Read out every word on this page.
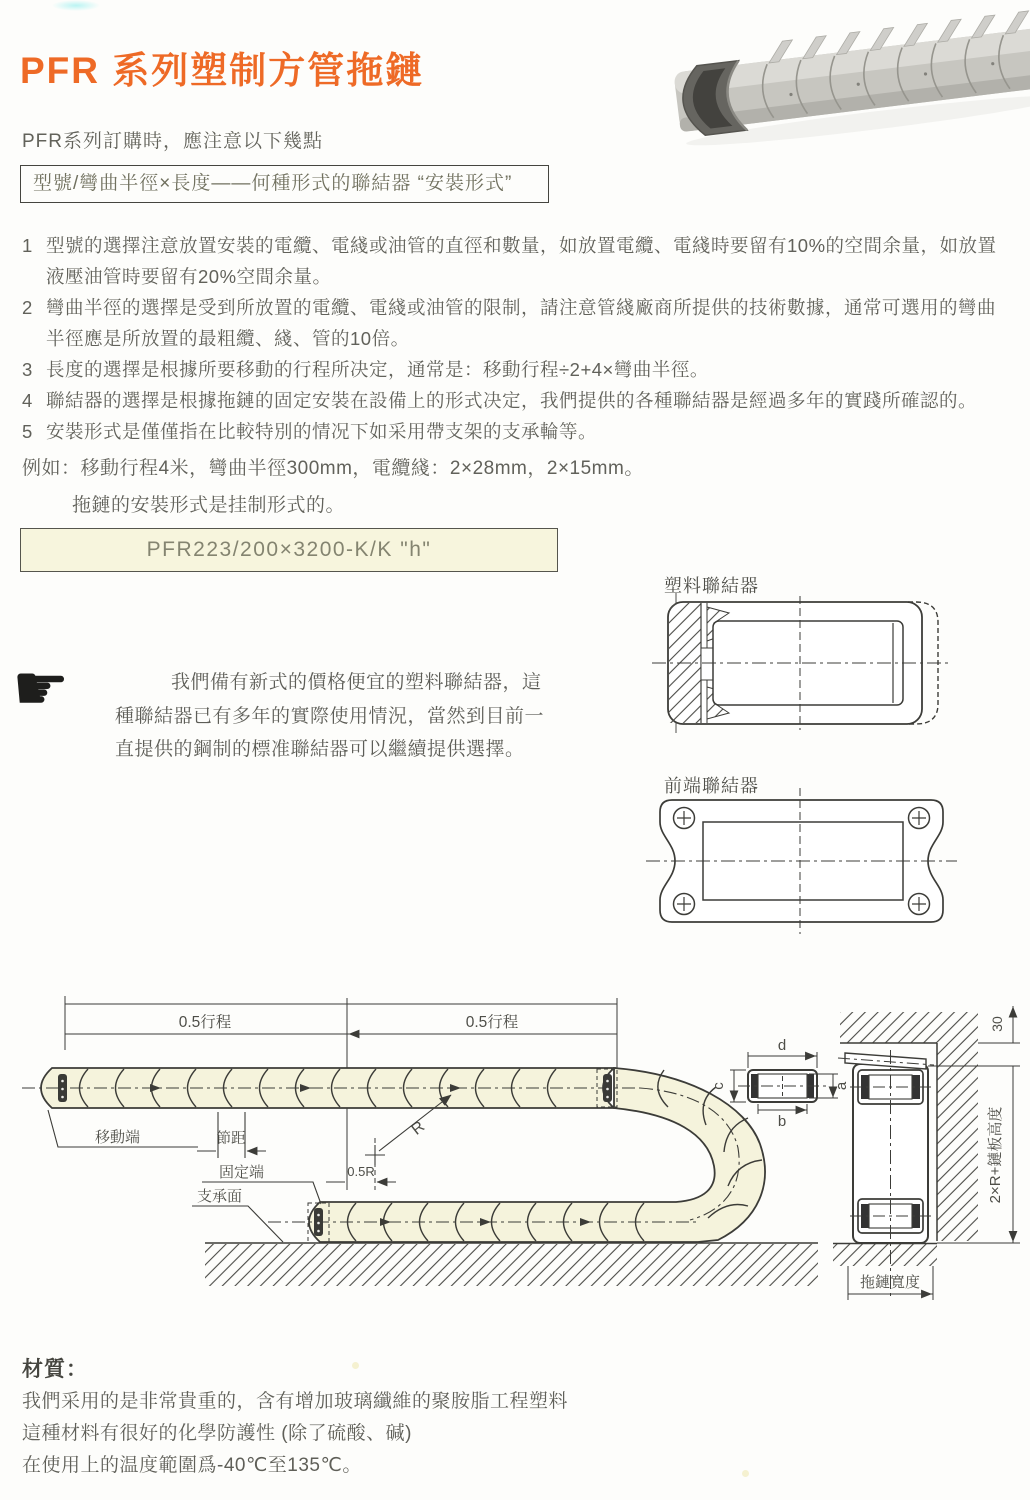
塑料聯結器
前端聯結器
0.5行程	0.5行程
移動端	節距
固定端
支承面
R
0.5R
d
c
b
a
30
2×R+鏈板高度
拖鏈寬度
PFR 系列塑制方管拖鏈
PFR系列訂購時，應注意以下幾點
型號/彎曲半徑×長度——何種形式的聯結器 “安裝形式”
1 型號的選擇注意放置安裝的電纜、電綫或油管的直徑和數量，如放置電纜、電綫時要留有10%的空間余量，如放置液壓油管時要留有20%空間余量。
2 彎曲半徑的選擇是受到所放置的電纜、電綫或油管的限制，請注意管綫廠商所提供的技術數據，通常可選用的彎曲半徑應是所放置的最粗纜、綫、管的10倍。
3 長度的選擇是根據所要移動的行程所决定，通常是：移動行程÷2+4×彎曲半徑。
4 聯結器的選擇是根據拖鏈的固定安裝在設備上的形式决定，我們提供的各種聯結器是經過多年的實踐所確認的。
5 安裝形式是僅僅指在比較特別的情况下如采用帶支架的支承輪等。
例如：移動行程4米，彎曲半徑300mm，電纜綫：2×28mm，2×15mm。
拖鏈的安裝形式是挂制形式的。
PFR223/200×3200-K/K "h"
☛	我們備有新式的價格便宜的塑料聯結器，這種聯結器已有多年的實際使用情況，當然到目前一直提供的鋼制的標准聯結器可以繼續提供選擇。
材質：
我們采用的是非常貴重的，含有增加玻璃纖維的聚胺脂工程塑料
這種材料有很好的化學防護性 (除了硫酸、碱)
在使用上的温度範圍爲-40℃至135℃。
